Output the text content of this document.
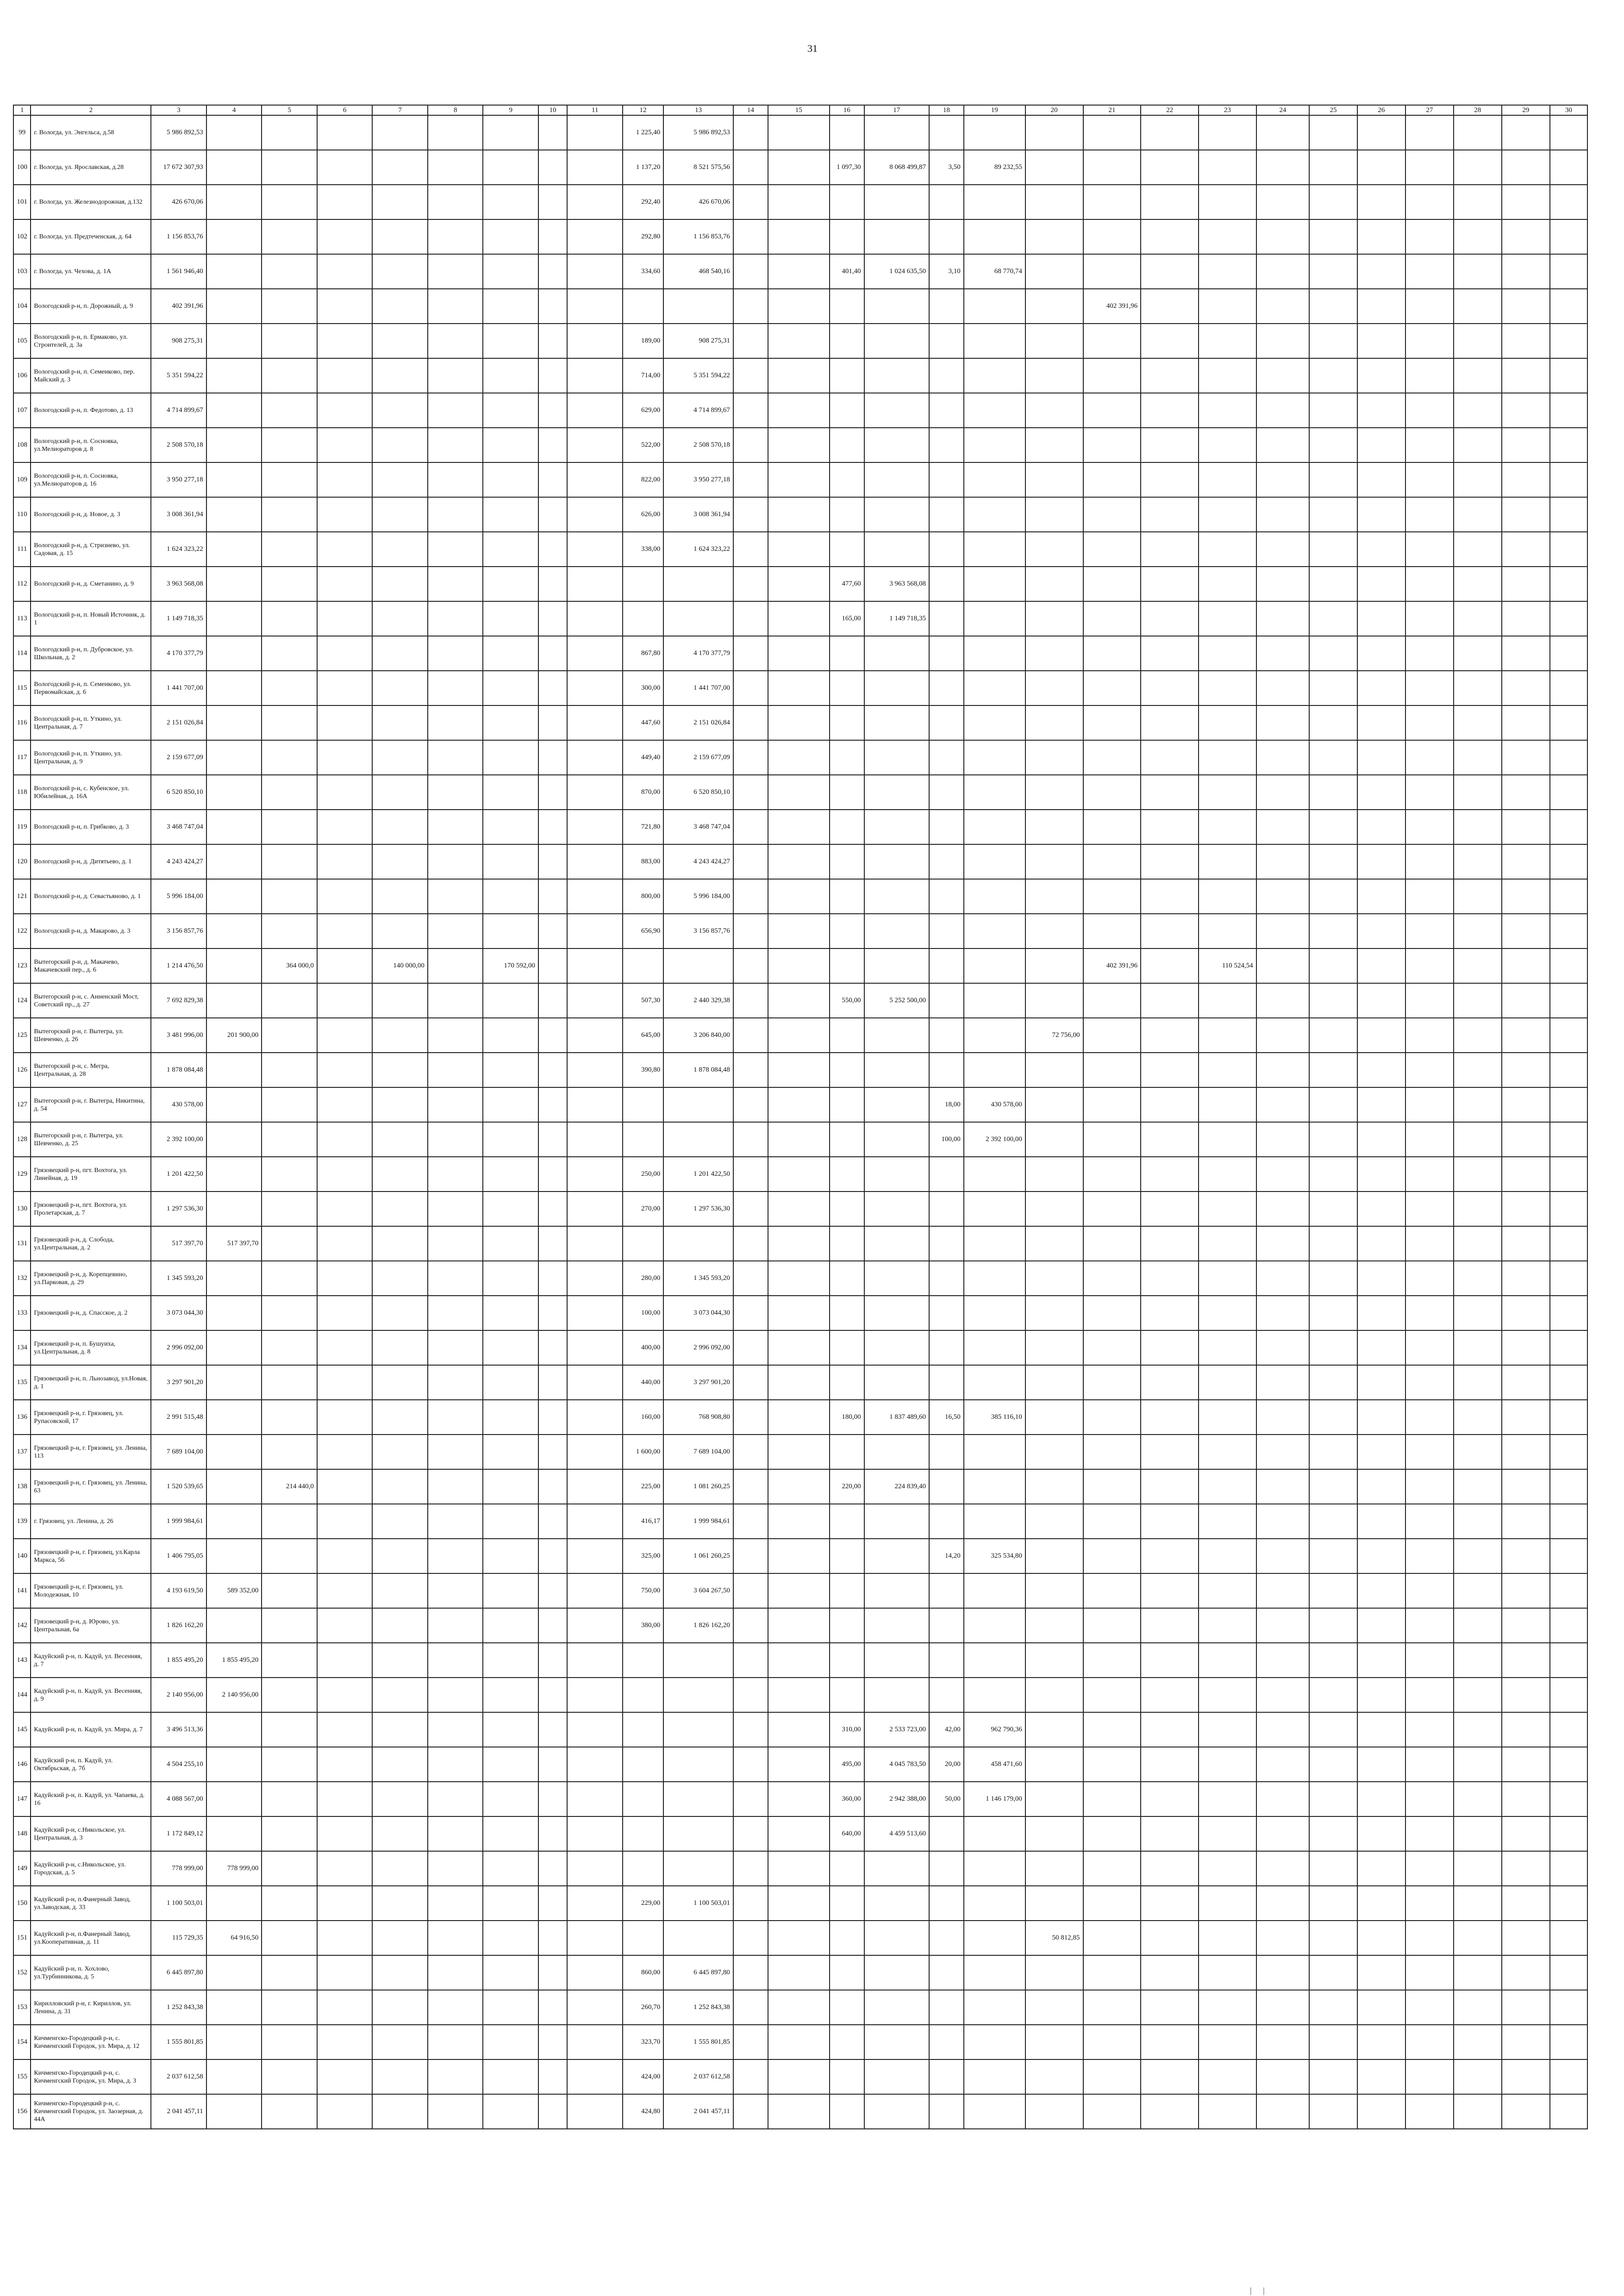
31
1	2	3	4	5	6	7	8	9	10	11	12	13	14	15	16	17	18	19	20	21	22	23	24	25	26	27	28	29	30
99	г. Вологда, ул. Энгельса, д.58	5 986 892,53									1 225,40	5 986 892,53																	
100	г. Вологда, ул. Ярославская, д.28	17 672 307,93									1 137,20	8 521 575,56			1 097,30	8 068 499,87	3,50	89 232,55											
101	г. Вологда, ул. Железнодорожная, д.132	426 670,06									292,40	426 670,06																	
102	г. Вологда, ул. Предтеченская, д. 64	1 156 853,76									292,80	1 156 853,76																	
103	г. Вологда, ул. Чехова, д. 1А	1 561 946,40									334,60	468 540,16			401,40	1 024 635,50	3,10	68 770,74											
104	Вологодский р-н, п. Дорожный, д. 9	402 391,96																		402 391,96									
105	Вологодский р-н, п. Ермаково, ул. Строителей, д. 3а	908 275,31									189,00	908 275,31																	
106	Вологодский р-н, п. Семенково, пер. Майский д. 3	5 351 594,22									714,00	5 351 594,22																	
107	Вологодский р-н, п. Федотово, д. 13	4 714 899,67									629,00	4 714 899,67																	
108	Вологодский р-н, п. Сосновка, ул.Мелиораторов д. 8	2 508 570,18									522,00	2 508 570,18																	
109	Вологодский р-н, п. Сосновка, ул.Мелиораторов д. 16	3 950 277,18									822,00	3 950 277,18																	
110	Вологодский р-н, д. Новое, д. 3	3 008 361,94									626,00	3 008 361,94																	
111	Вологодский р-н, д. Стризнево, ул. Садовая, д. 15	1 624 323,22									338,00	1 624 323,22																	
112	Вологодский р-н, д. Сметанино, д. 9	3 963 568,08													477,60	3 963 568,08													
113	Вологодский р-н, п. Новый Источник, д. 1	1 149 718,35													165,00	1 149 718,35													
114	Вологодский р-н, п. Дубровское, ул. Школьная, д. 2	4 170 377,79									867,80	4 170 377,79																	
115	Вологодский р-н, п. Семенково, ул. Первомайская, д. 6	1 441 707,00									300,00	1 441 707,00																	
116	Вологодский р-н, п. Уткино, ул. Центральная, д. 7	2 151 026,84									447,60	2 151 026,84																	
117	Вологодский р-н, п. Уткино, ул. Центральная, д. 9	2 159 677,09									449,40	2 159 677,09																	
118	Вологодский р-н, с. Кубенское, ул. Юбилейная, д. 16А	6 520 850,10									870,00	6 520 850,10																	
119	Вологодский р-н, п. Грибково, д. 3	3 468 747,04									721,80	3 468 747,04																	
120	Вологодский р-н, д. Дитятьево, д. 1	4 243 424,27									883,00	4 243 424,27																	
121	Вологодский р-н, д. Севастьяново, д. 1	5 996 184,00									800,00	5 996 184,00																	
122	Вологодский р-н, д. Макарово, д. 3	3 156 857,76									656,90	3 156 857,76																	
123	Вытегорский р-н, д. Макачево, Макачевский пер., д. 6	1 214 476,50		364 000,0		140 000,00		170 592,00												402 391,96		110 524,54							
124	Вытегорский р-н, с. Анненский Мост, Советский пр., д. 27	7 692 829,38									507,30	2 440 329,38			550,00	5 252 500,00													
125	Вытегорский р-н, г. Вытегра, ул. Шевченко, д. 26	3 481 996,00	201 900,00								645,00	3 206 840,00							72 756,00										
126	Вытегорский р-н, с. Мегра, Центральная, д. 28	1 878 084,48									390,80	1 878 084,48																	
127	Вытегорский р-н, г. Вытегра, Никитина, д. 54	430 578,00															18,00	430 578,00											
128	Вытегорский р-н, г. Вытегра, ул. Шевченко, д. 25	2 392 100,00															100,00	2 392 100,00											
129	Грязовецкий р-н, пгт. Вохтога, ул. Линейная, д. 19	1 201 422,50									250,00	1 201 422,50																	
130	Грязовецкий р-н, пгт. Вохтога, ул. Пролетарская, д. 7	1 297 536,30									270,00	1 297 536,30																	
131	Грязовецкий р-н, д. Слобода, ул.Центральная, д. 2	517 397,70	517 397,70																										
132	Грязовецкий р-н, д. Корепцевино, ул.Парковая, д. 29	1 345 593,20									280,00	1 345 593,20																	
133	Грязовецкий р-н, д. Спасское, д. 2	3 073 044,30									100,00	3 073 044,30																	
134	Грязовецкий р-н, п. Бушуиха, ул.Центральная, д. 8	2 996 092,00									400,00	2 996 092,00																	
135	Грязовецкий р-н, п. Льнозавод, ул.Новая, д. 1	3 297 901,20									440,00	3 297 901,20																	
136	Грязовецкий р-н, г. Грязовец, ул. Рупасовской, 17	2 991 515,48									160,00	768 908,80			180,00	1 837 489,60	16,50	385 116,10											
137	Грязовецкий р-н, г. Грязовец, ул. Ленина, 113	7 689 104,00									1 600,00	7 689 104,00																	
138	Грязовецкий р-н, г. Грязовец, ул. Ленина, 63	1 520 539,65		214 440,0							225,00	1 081 260,25			220,00	224 839,40													
139	г. Грязовец, ул. Ленина, д. 26	1 999 984,61									416,17	1 999 984,61																	
140	Грязовецкий р-н, г. Грязовец, ул.Карла Маркса, 56	1 406 795,05									325,00	1 061 260,25					14,20	325 534,80											
141	Грязовецкий р-н, г. Грязовец, ул. Молодежная, 10	4 193 619,50	589 352,00								750,00	3 604 267,50																	
142	Грязовецкий р-н, д. Юрово, ул. Центральная, 6а	1 826 162,20									380,00	1 826 162,20																	
143	Кадуйский р-н, п. Кадуй, ул. Весенняя, д. 7	1 855 495,20	1 855 495,20																										
144	Кадуйский р-н, п. Кадуй, ул. Весенняя, д. 9	2 140 956,00	2 140 956,00																										
145	Кадуйский р-н, п. Кадуй, ул. Мира, д. 7	3 496 513,36													310,00	2 533 723,00	42,00	962 790,36											
146	Кадуйский р-н, п. Кадуй, ул. Октябрьская, д. 7б	4 504 255,10													495,00	4 045 783,50	20,00	458 471,60											
147	Кадуйский р-н, п. Кадуй, ул. Чапаева, д. 16	4 088 567,00													360,00	2 942 388,00	50,00	1 146 179,00											
148	Кадуйский р-н, с.Никольское, ул. Центральная, д. 3	1 172 849,12													640,00	4 459 513,60													
149	Кадуйский р-н, с.Никольское, ул. Городская, д. 5	778 999,00	778 999,00																										
150	Кадуйский р-н, п.Фанерный Завод, ул.Заводская, д. 33	1 100 503,01									229,00	1 100 503,01																	
151	Кадуйский р-н, п.Фанерный Завод, ул.Кооперативная, д. 11	115 729,35	64 916,50																50 812,85										
152	Кадуйский р-н, п. Хохлово, ул.Турбинникова, д. 5	6 445 897,80									860,00	6 445 897,80																	
153	Кирилловский р-н, г. Кириллов, ул. Ленина, д. 31	1 252 843,38									260,70	1 252 843,38																	
154	Кичменгско-Городецкий р-н, с. Кичменгский Городок, ул. Мира, д. 12	1 555 801,85									323,70	1 555 801,85																	
155	Кичменгско-Городецкий р-н, с. Кичменгский Городок, ул. Мира, д. 3	2 037 612,58									424,00	2 037 612,58																	
156	Кичменгско-Городецкий р-н, с. Кичменгский Городок, ул. Заозерная, д. 44А	2 041 457,11									424,80	2 041 457,11																	
| |
